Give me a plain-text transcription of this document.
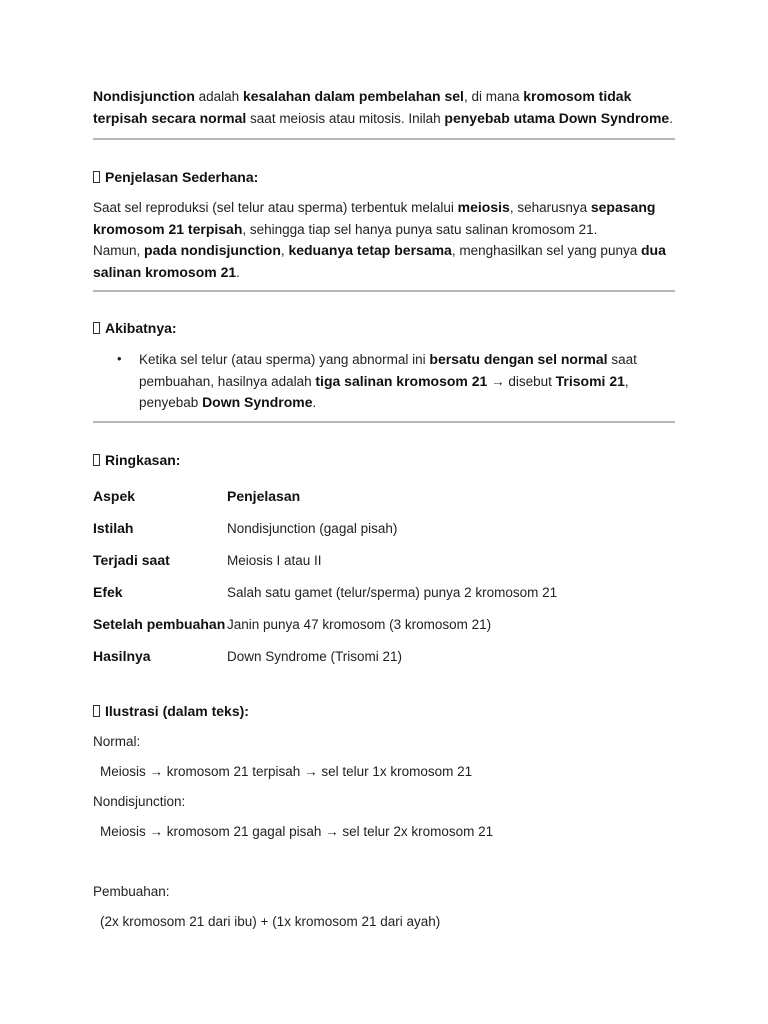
Nondisjunction adalah kesalahan dalam pembelahan sel, di mana kromosom tidak terpisah secara normal saat meiosis atau mitosis. Inilah penyebab utama Down Syndrome.
Penjelasan Sederhana:
Saat sel reproduksi (sel telur atau sperma) terbentuk melalui meiosis, seharusnya sepasang kromosom 21 terpisah, sehingga tiap sel hanya punya satu salinan kromosom 21.
Namun, pada nondisjunction, keduanya tetap bersama, menghasilkan sel yang punya dua salinan kromosom 21.
Akibatnya:
• Ketika sel telur (atau sperma) yang abnormal ini bersatu dengan sel normal saat pembuahan, hasilnya adalah tiga salinan kromosom 21 → disebut Trisomi 21, penyebab Down Syndrome.
Ringkasan:
Aspek	Penjelasan
Istilah	Nondisjunction (gagal pisah)
Terjadi saat	Meiosis I atau II
Efek	Salah satu gamet (telur/sperma) punya 2 kromosom 21
Setelah pembuahan	Janin punya 47 kromosom (3 kromosom 21)
Hasilnya	Down Syndrome (Trisomi 21)
Ilustrasi (dalam teks):
Normal:
Meiosis → kromosom 21 terpisah → sel telur 1x kromosom 21
Nondisjunction:
Meiosis → kromosom 21 gagal pisah → sel telur 2x kromosom 21
Pembuahan:
(2x kromosom 21 dari ibu) + (1x kromosom 21 dari ayah)
